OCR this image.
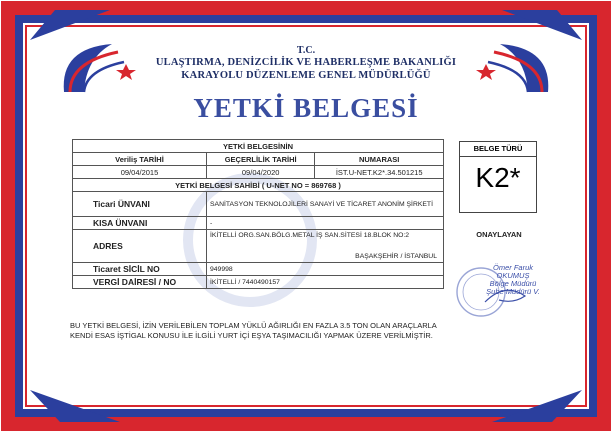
T.C.
ULAŞTIRMA, DENİZCİLİK VE HABERLEŞME BAKANLIĞI
KARAYOLU DÜZENLEME GENEL MÜDÜRLÜĞÜ
YETKİ BELGESİ
YETKİ BELGESİNİN		
Veriliş TARİHİ	GEÇERLİLİK TARİHİ	NUMARASI
09/04/2015	09/04/2020	İST.U-NET.K2*.34.501215
YETKİ BELGESİ SAHİBİ ( U-NET NO = 869768 )		
Ticari ÜNVANI	SANİTASYON TEKNOLOJİLERİ SANAYİ VE TİCARET ANONİM ŞİRKETİ	
KISA ÜNVANI	-	
ADRES	İKİTELLİ ORG.SAN.BÖLG.METAL İŞ SAN.SİTESİ 18.BLOK NO:2
BAŞAKŞEHİR / İSTANBUL	

Ticaret SİCİL NO	949998	
VERGİ DAİRESİ / NO	İKİTELLİ / 7440490157	
BU YETKİ BELGESİ, İZİN VERİLEBİLEN TOPLAM YÜKLÜ AĞIRLIĞI EN FAZLA 3.5 TON OLAN ARAÇLARLA KENDİ ESAS İŞTİGAL KONUSU İLE İLGİLİ YURT İÇİ EŞYA TAŞIMACILIĞI YAPMAK ÜZERE VERİLMİŞTİR.
BELGE TÜRÜ
K2*
ONAYLAYAN
Ömer Faruk OKUMUŞ
Bölge Müdürü
Şube Müdürü V.
